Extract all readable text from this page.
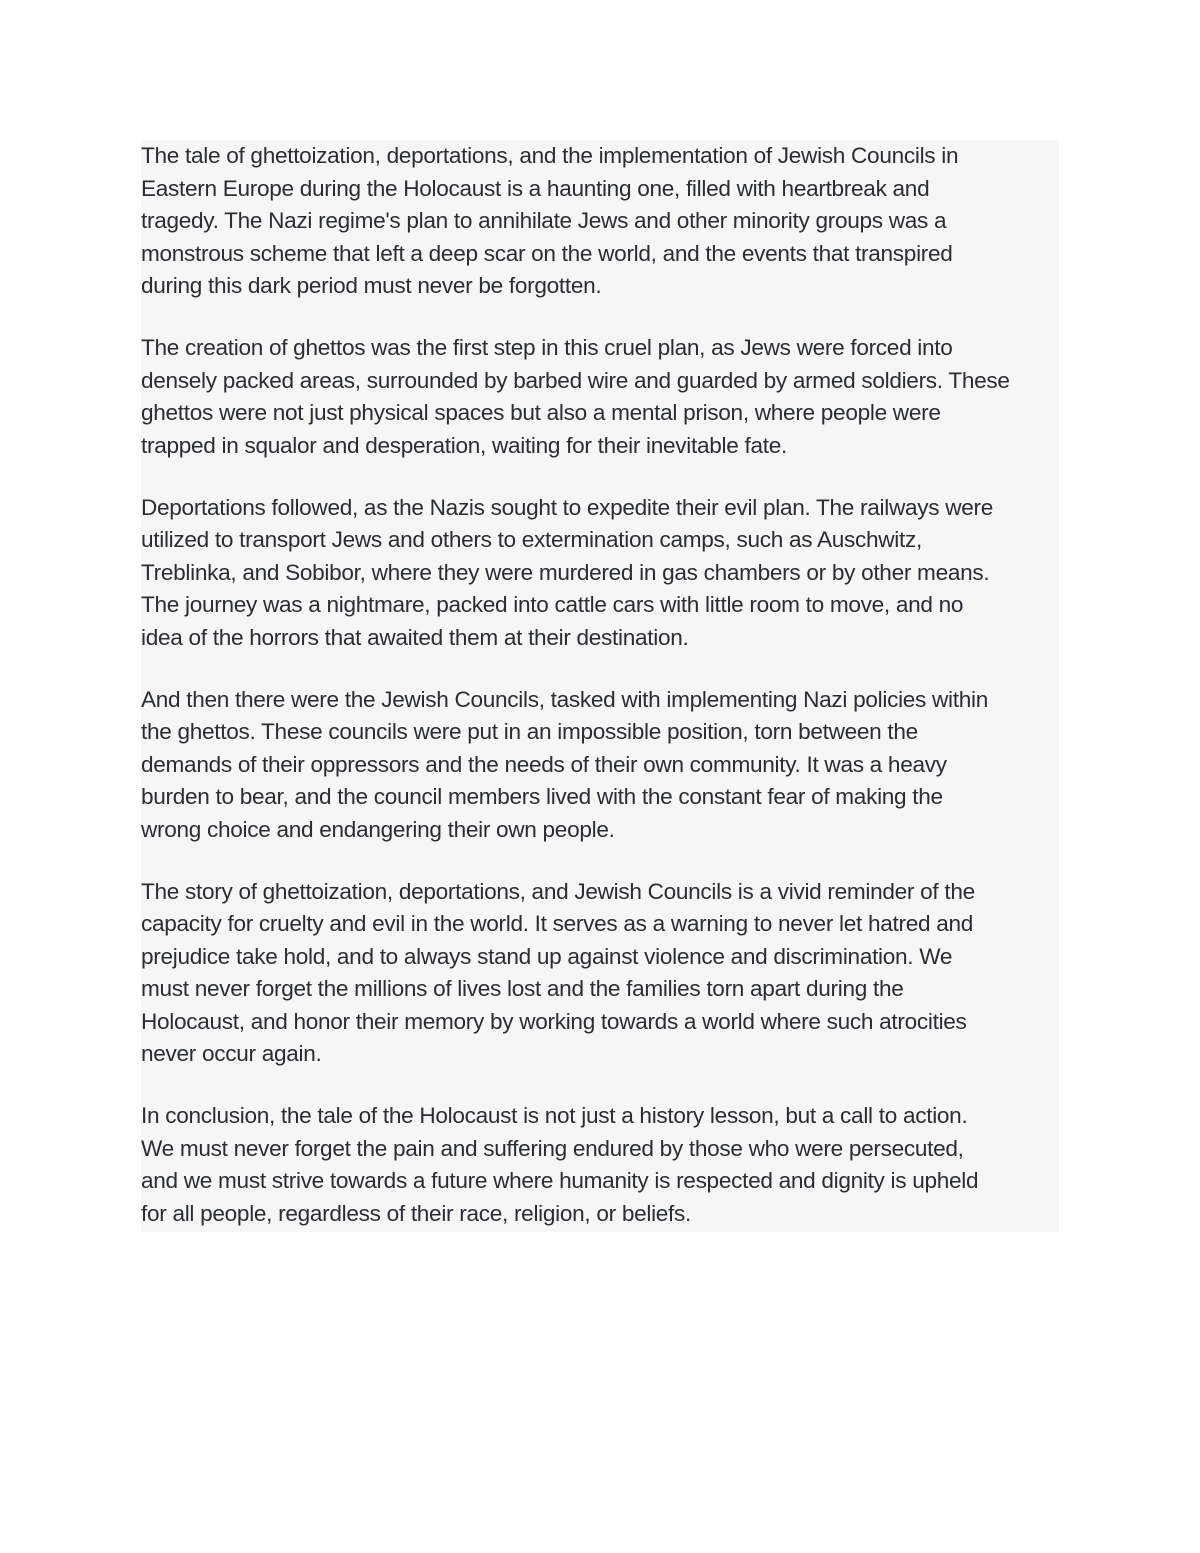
The tale of ghettoization, deportations, and the implementation of Jewish Councils in
Eastern Europe during the Holocaust is a haunting one, filled with heartbreak and
tragedy. The Nazi regime's plan to annihilate Jews and other minority groups was a
monstrous scheme that left a deep scar on the world, and the events that transpired
during this dark period must never be forgotten.

The creation of ghettos was the first step in this cruel plan, as Jews were forced into
densely packed areas, surrounded by barbed wire and guarded by armed soldiers. These
ghettos were not just physical spaces but also a mental prison, where people were
trapped in squalor and desperation, waiting for their inevitable fate.

Deportations followed, as the Nazis sought to expedite their evil plan. The railways were
utilized to transport Jews and others to extermination camps, such as Auschwitz,
Treblinka, and Sobibor, where they were murdered in gas chambers or by other means.
The journey was a nightmare, packed into cattle cars with little room to move, and no
idea of the horrors that awaited them at their destination.

And then there were the Jewish Councils, tasked with implementing Nazi policies within
the ghettos. These councils were put in an impossible position, torn between the
demands of their oppressors and the needs of their own community. It was a heavy
burden to bear, and the council members lived with the constant fear of making the
wrong choice and endangering their own people.

The story of ghettoization, deportations, and Jewish Councils is a vivid reminder of the
capacity for cruelty and evil in the world. It serves as a warning to never let hatred and
prejudice take hold, and to always stand up against violence and discrimination. We
must never forget the millions of lives lost and the families torn apart during the
Holocaust, and honor their memory by working towards a world where such atrocities
never occur again.

In conclusion, the tale of the Holocaust is not just a history lesson, but a call to action.
We must never forget the pain and suffering endured by those who were persecuted,
and we must strive towards a future where humanity is respected and dignity is upheld
for all people, regardless of their race, religion, or beliefs.
